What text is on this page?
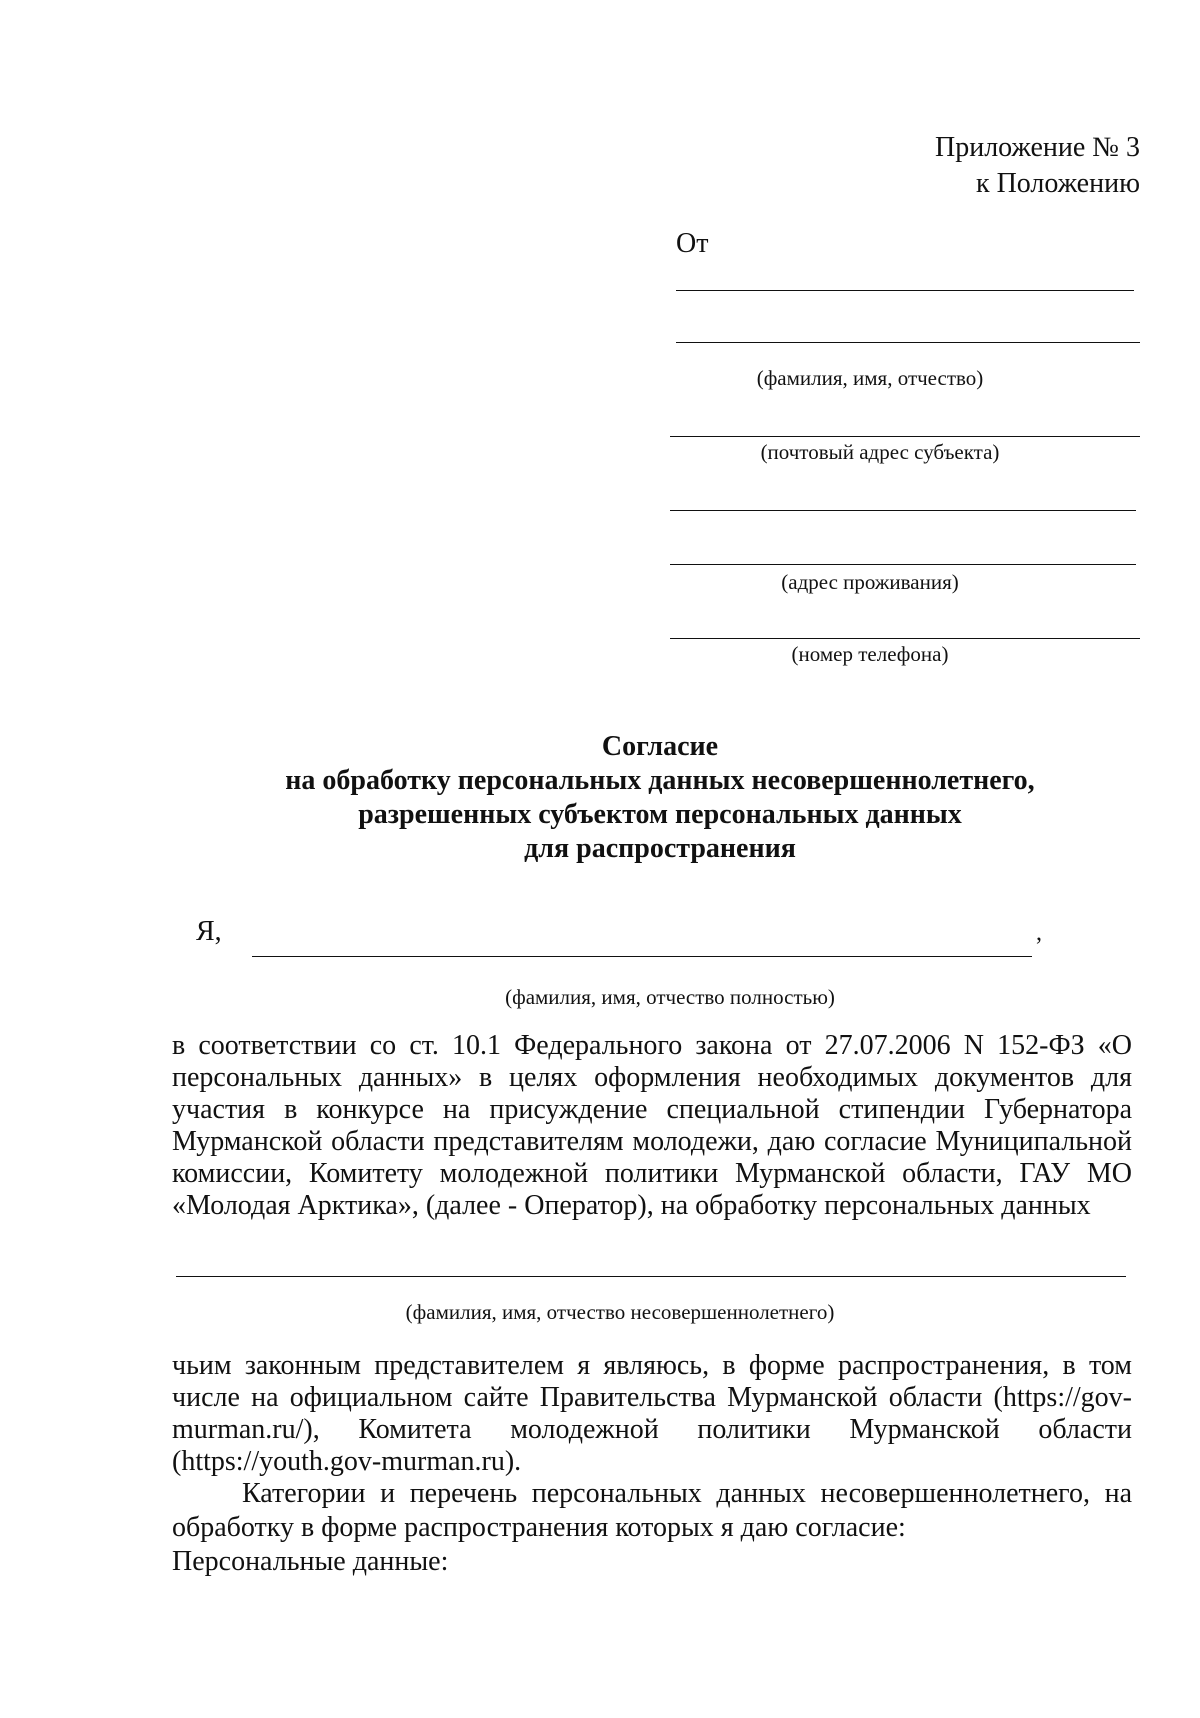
Приложение № 3
к Положению
От
(фамилия, имя, отчество)
(почтовый адрес субъекта)
(адрес проживания)
(номер телефона)
Согласие
на обработку персональных данных несовершеннолетнего,
разрешенных субъектом персональных данных
для распространения
Я,	,
(фамилия, имя, отчество полностью)
в соответствии со ст. 10.1 Федерального закона от 27.07.2006 N 152-ФЗ «О
персональных данных» в целях оформления необходимых документов для
участия в конкурсе на присуждение специальной стипендии Губернатора
Мурманской области представителям молодежи, даю согласие Муниципальной
комиссии, Комитету молодежной политики Мурманской области, ГАУ МО
«Молодая Арктика», (далее - Оператор), на обработку персональных данных
(фамилия, имя, отчество несовершеннолетнего)
чьим законным представителем я являюсь, в форме распространения, в том
числе на официальном сайте Правительства Мурманской области (https://gov-
murman.ru/), Комитета молодежной политики Мурманской области
(https://youth.gov-murman.ru).
Категории и перечень персональных данных несовершеннолетнего, на
обработку в форме распространения которых я даю согласие:
Персональные данные:
